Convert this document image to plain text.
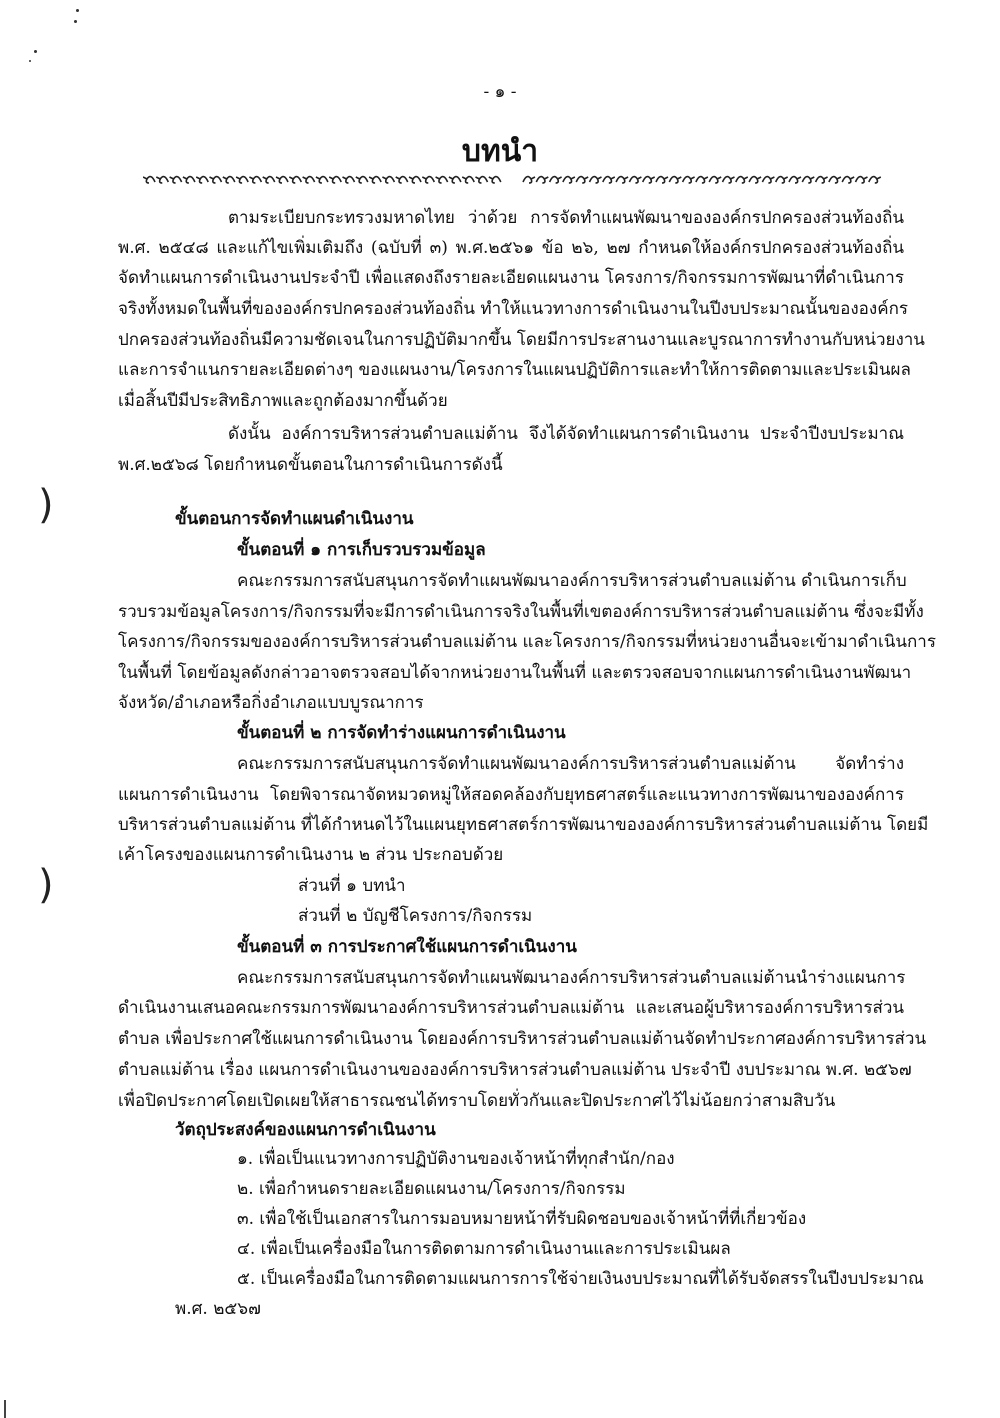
)
)
- ๑ -
บทนำ
ตามระเบียบกระทรวงมหาดไทย ว่าด้วย การจัดทำแผนพัฒนาขององค์กรปกครองส่วนท้องถิ่น
พ.ศ. ๒๕๔๘ และแก้ไขเพิ่มเติมถึง (ฉบับที่ ๓) พ.ศ.๒๕๖๑ ข้อ ๒๖, ๒๗ กำหนดให้องค์กรปกครองส่วนท้องถิ่น
จัดทำแผนการดำเนินงานประจำปี เพื่อแสดงถึงรายละเอียดแผนงาน โครงการ/กิจกรรมการพัฒนาที่ดำเนินการ
จริงทั้งหมดในพื้นที่ขององค์กรปกครองส่วนท้องถิ่น ทำให้แนวทางการดำเนินงานในปีงบประมาณนั้นขององค์กร
ปกครองส่วนท้องถิ่นมีความชัดเจนในการปฏิบัติมากขึ้น โดยมีการประสานงานและบูรณาการทำงานกับหน่วยงาน
และการจำแนกรายละเอียดต่างๆ ของแผนงาน/โครงการในแผนปฏิบัติการและทำให้การติดตามและประเมินผล
เมื่อสิ้นปีมีประสิทธิภาพและถูกต้องมากขึ้นด้วย
ดังนั้น องค์การบริหารส่วนตำบลแม่ต้าน จึงได้จัดทำแผนการดำเนินงาน ประจำปีงบประมาณ
พ.ศ.๒๕๖๘ โดยกำหนดขั้นตอนในการดำเนินการดังนี้
ขั้นตอนการจัดทำแผนดำเนินงาน
ขั้นตอนที่ ๑ การเก็บรวบรวมข้อมูล
คณะกรรมการสนับสนุนการจัดทำแผนพัฒนาองค์การบริหารส่วนตำบลแม่ต้าน ดำเนินการเก็บ
รวบรวมข้อมูลโครงการ/กิจกรรมที่จะมีการดำเนินการจริงในพื้นที่เขตองค์การบริหารส่วนตำบลแม่ต้าน ซึ่งจะมีทั้ง
โครงการ/กิจกรรมขององค์การบริหารส่วนตำบลแม่ต้าน และโครงการ/กิจกรรมที่หน่วยงานอื่นจะเข้ามาดำเนินการ
ในพื้นที่ โดยข้อมูลดังกล่าวอาจตรวจสอบได้จากหน่วยงานในพื้นที่ และตรวจสอบจากแผนการดำเนินงานพัฒนา
จังหวัด/อำเภอหรือกิ่งอำเภอแบบบูรณาการ
ขั้นตอนที่ ๒ การจัดทำร่างแผนการดำเนินงาน
คณะกรรมการสนับสนุนการจัดทำแผนพัฒนาองค์การบริหารส่วนตำบลแม่ต้าน จัดทำร่าง
แผนการดำเนินงาน โดยพิจารณาจัดหมวดหมู่ให้สอดคล้องกับยุทธศาสตร์และแนวทางการพัฒนาขององค์การ
บริหารส่วนตำบลแม่ต้าน ที่ได้กำหนดไว้ในแผนยุทธศาสตร์การพัฒนาขององค์การบริหารส่วนตำบลแม่ต้าน โดยมี
เค้าโครงของแผนการดำเนินงาน ๒ ส่วน ประกอบด้วย
ส่วนที่ ๑ บทนำ
ส่วนที่ ๒ บัญชีโครงการ/กิจกรรม
ขั้นตอนที่ ๓ การประกาศใช้แผนการดำเนินงาน
คณะกรรมการสนับสนุนการจัดทำแผนพัฒนาองค์การบริหารส่วนตำบลแม่ต้านนำร่างแผนการ
ดำเนินงานเสนอคณะกรรมการพัฒนาองค์การบริหารส่วนตำบลแม่ต้าน และเสนอผู้บริหารองค์การบริหารส่วน
ตำบล เพื่อประกาศใช้แผนการดำเนินงาน โดยองค์การบริหารส่วนตำบลแม่ต้านจัดทำประกาศองค์การบริหารส่วน
ตำบลแม่ต้าน เรื่อง แผนการดำเนินงานขององค์การบริหารส่วนตำบลแม่ต้าน ประจำปี งบประมาณ พ.ศ. ๒๕๖๗
เพื่อปิดประกาศโดยเปิดเผยให้สาธารณชนได้ทราบโดยทั่วกันและปิดประกาศไว้ไม่น้อยกว่าสามสิบวัน
วัตถุประสงค์ของแผนการดำเนินงาน
๑. เพื่อเป็นแนวทางการปฏิบัติงานของเจ้าหน้าที่ทุกสำนัก/กอง
๒. เพื่อกำหนดรายละเอียดแผนงาน/โครงการ/กิจกรรม
๓. เพื่อใช้เป็นเอกสารในการมอบหมายหน้าที่รับผิดชอบของเจ้าหน้าที่ที่เกี่ยวข้อง
๔. เพื่อเป็นเครื่องมือในการติดตามการดำเนินงานและการประเมินผล
๕. เป็นเครื่องมือในการติดตามแผนการการใช้จ่ายเงินงบประมาณที่ได้รับจัดสรรในปีงบประมาณ
พ.ศ. ๒๕๖๗
